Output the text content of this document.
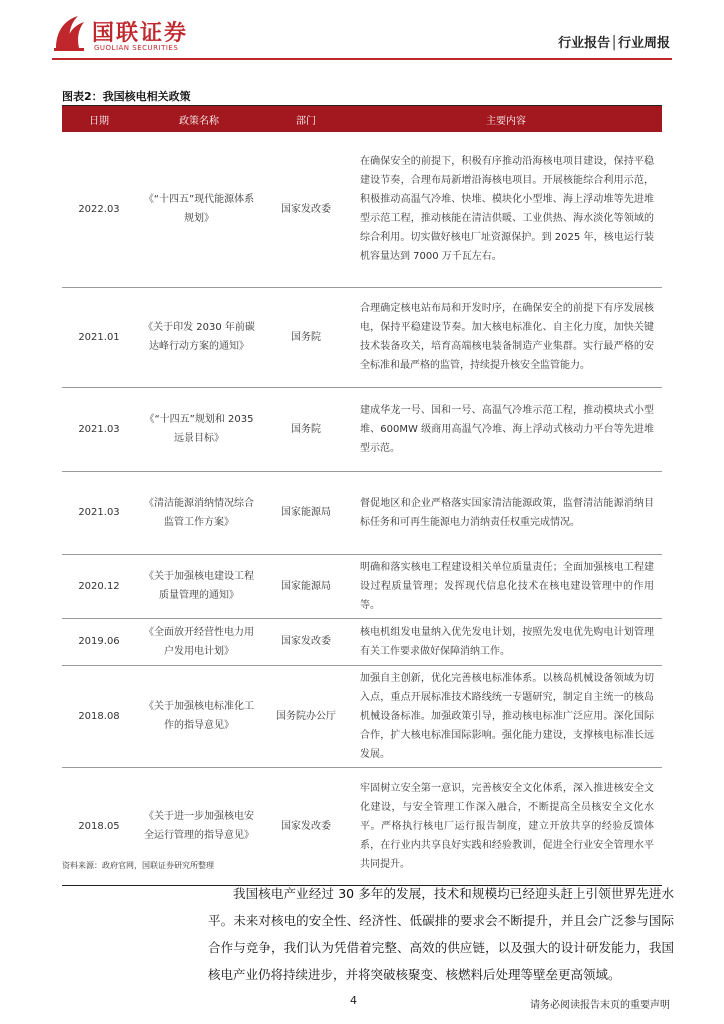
国联证券
GUOLIAN SECURITIES	行业报告│行业周报
图表2：我国核电相关政策
日期	政策名称	部门	主要内容
2022.03	《“十四五”现代能源体系规划》	国家发改委	在确保安全的前提下，积极有序推动沿海核电项目建设，保持平稳建设节奏，合理布局新增沿海核电项目。开展核能综合利用示范，积极推动高温气冷堆、快堆、模块化小型堆、海上浮动堆等先进堆型示范工程，推动核能在清洁供暖、工业供热、海水淡化等领域的综合利用。切实做好核电厂址资源保护。到 2025 年，核电运行装机容量达到 7000 万千瓦左右。
2021.01	《关于印发 2030 年前碳达峰行动方案的通知》	国务院	合理确定核电站布局和开发时序，在确保安全的前提下有序发展核电，保持平稳建设节奏。加大核电标准化、自主化力度，加快关键技术装备攻关，培育高端核电装备制造产业集群。实行最严格的安全标准和最严格的监管，持续提升核安全监管能力。
2021.03	《“十四五”规划和 2035 远景目标》	国务院	建成华龙一号、国和一号、高温气冷堆示范工程，推动模块式小型堆、600MW 级商用高温气冷堆、海上浮动式核动力平台等先进堆型示范。
2021.03	《清洁能源消纳情况综合监管工作方案》	国家能源局	督促地区和企业严格落实国家清洁能源政策，监督清洁能源消纳目标任务和可再生能源电力消纳责任权重完成情况。
2020.12	《关于加强核电建设工程质量管理的通知》	国家能源局	明确和落实核电工程建设相关单位质量责任；全面加强核电工程建设过程质量管理；发挥现代信息化技术在核电建设管理中的作用等。
2019.06	《全面放开经营性电力用户发用电计划》	国家发改委	核电机组发电量纳入优先发电计划，按照先发电优先购电计划管理有关工作要求做好保障消纳工作。
2018.08	《关于加强核电标准化工作的指导意见》	国务院办公厅	加强自主创新，优化完善核电标准体系。以核岛机械设备领域为切入点，重点开展标准技术路线统一专题研究，制定自主统一的核岛机械设备标准。加强政策引导，推动核电标准广泛应用。深化国际合作，扩大核电标准国际影响。强化能力建设，支撑核电标准长远发展。
2018.05	《关于进一步加强核电安全运行管理的指导意见》	国家发改委	牢固树立安全第一意识，完善核安全文化体系，深入推进核安全文化建设，与安全管理工作深入融合，不断提高全员核安全文化水平。严格执行核电厂运行报告制度，建立开放共享的经验反馈体系，在行业内共享良好实践和经验教训，促进全行业安全管理水平共同提升。
资料来源：政府官网，国联证券研究所整理

我国核电产业经过 30 多年的发展，技术和规模均已经迎头赶上引领世界先进水平。未来对核电的安全性、经济性、低碳排的要求会不断提升，并且会广泛参与国际合作与竞争，我们认为凭借着完整、高效的供应链，以及强大的设计研发能力，我国核电产业仍将持续进步，并将突破核聚变、核燃料后处理等壁垒更高领域。

4	请务必阅读报告末页的重要声明
